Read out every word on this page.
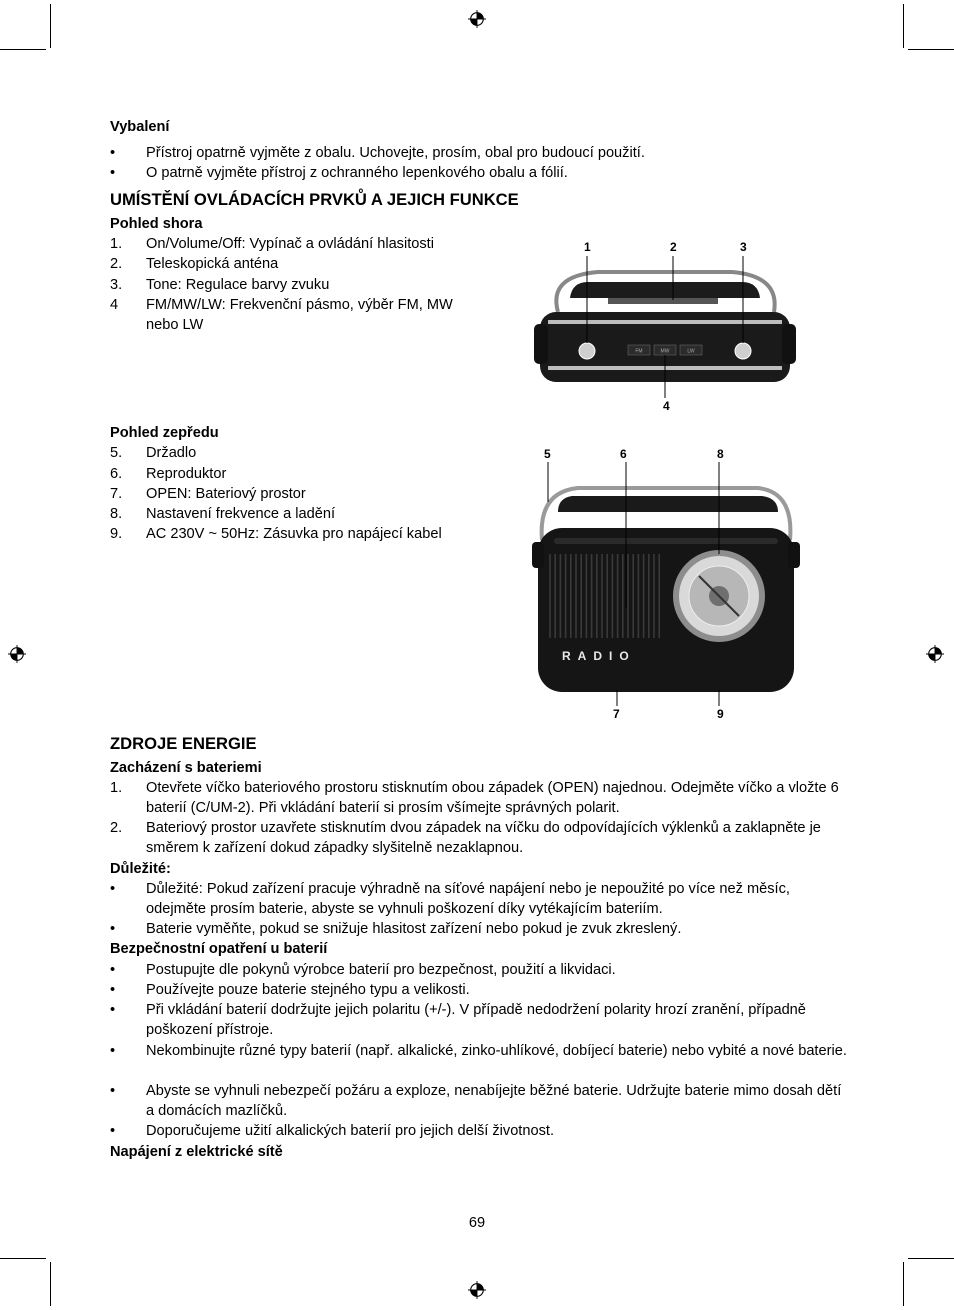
Vybalení
• Přístroj opatrně vyjměte z obalu. Uchovejte, prosím, obal pro budoucí použití.
• O patrně vyjměte přístroj z ochranného lepenkového obalu a fólií.
UMÍSTĚNÍ OVLÁDACÍCH PRVKŮ A JEJICH FUNKCE
Pohled shora
1. On/Volume/Off: Vypínač a ovládání hlasitosti
2. Teleskopická anténa
3. Tone: Regulace barvy zvuku
4 FM/MW/LW: Frekvenční pásmo, výběr FM, MW nebo LW
1	2	3
4
FM	MW	LW
Pohled zepředu
5. Držadlo
6. Reproduktor
7. OPEN: Bateriový prostor
8. Nastavení frekvence a ladění
9. AC 230V ~ 50Hz: Zásuvka pro napájecí kabel
5	6	8
7	9
RADIO
ZDROJE ENERGIE
Zacházení s bateriemi
1. Otevřete víčko bateriového prostoru stisknutím obou západek (OPEN) najednou. Odejměte víčko a vložte 6 baterií (C/UM-2). Při vkládání baterií si prosím všímejte správných polarit.
2. Bateriový prostor uzavřete stisknutím dvou západek na víčku do odpovídajících výklenků a zaklapněte je směrem k zařízení dokud západky slyšitelně nezaklapnou.
Důležité:
• Důležité: Pokud zařízení pracuje výhradně na síťové napájení nebo je nepoužité po více než měsíc, odejměte prosím baterie, abyste se vyhnuli poškození díky vytékajícím bateriím.
• Baterie vyměňte, pokud se snižuje hlasitost zařízení nebo pokud je zvuk zkreslený.
Bezpečnostní opatření u baterií
• Postupujte dle pokynů výrobce baterií pro bezpečnost, použití a likvidaci.
• Používejte pouze baterie stejného typu a velikosti.
• Při vkládání baterií dodržujte jejich polaritu (+/-). V případě nedodržení polarity hrozí zranění, případně poškození přístroje.
• Nekombinujte různé typy baterií (např. alkalické, zinko-uhlíkové, dobíjecí baterie) nebo vybité a nové baterie.
• Abyste se vyhnuli nebezpečí požáru a exploze, nenabíjejte běžné baterie. Udržujte baterie mimo dosah dětí a domácích mazlíčků.
• Doporučujeme užití alkalických baterií pro jejich delší životnost.
Napájení z elektrické sítě
69
